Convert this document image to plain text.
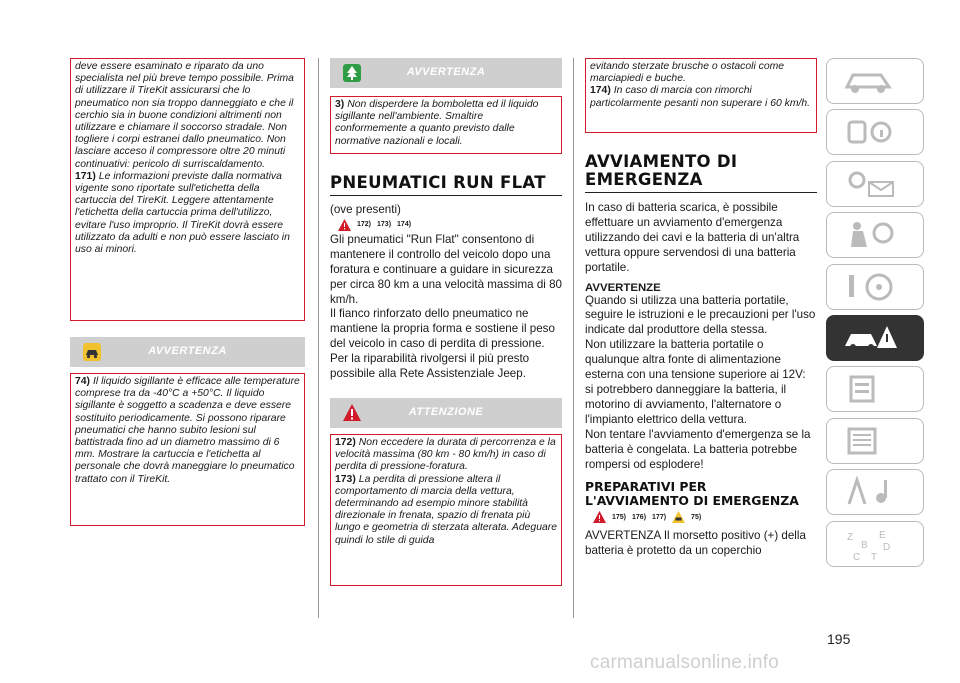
deve essere esaminato e riparato da uno specialista nel più breve tempo possibile. Prima di utilizzare il TireKit assicurarsi che lo pneumatico non sia troppo danneggiato e che il cerchio sia in buone condizioni altrimenti non utilizzare e chiamare il soccorso stradale. Non togliere i corpi estranei dallo pneumatico. Non lasciare acceso il compressore oltre 20 minuti continuativi: pericolo di surriscaldamento.

171) Le informazioni previste dalla normativa vigente sono riportate sull'etichetta della cartuccia del TireKit. Leggere attentamente l'etichetta della cartuccia prima dell'utilizzo, evitare l'uso improprio. Il TireKit dovrà essere utilizzato da adulti e non può essere lasciato in uso ai minori.

AVVERTENZA

74) Il liquido sigillante è efficace alle temperature comprese tra da -40°C a +50°C. Il liquido sigillante è soggetto a scadenza e deve essere sostituito periodicamente. Si possono riparare pneumatici che hanno subito lesioni sul battistrada fino ad un diametro massimo di 6 mm. Mostrare la cartuccia e l'etichetta al personale che dovrà maneggiare lo pneumatico trattato con il TireKit.

AVVERTENZA

3) Non disperdere la bomboletta ed il liquido sigillante nell'ambiente. Smaltire conformemente a quanto previsto dalle normative nazionali e locali.

PNEUMATICI RUN FLAT

(ove presenti)

172) 173) 174)

Gli pneumatici "Run Flat" consentono di mantenere il controllo del veicolo dopo una foratura e continuare a guidare in sicurezza per circa 80 km a una velocità massima di 80 km/h.

Il fianco rinforzato dello pneumatico ne mantiene la propria forma e sostiene il peso del veicolo in caso di perdita di pressione.

Per la riparabilità rivolgersi il più presto possibile alla Rete Assistenziale Jeep.

ATTENZIONE

172) Non eccedere la durata di percorrenza e la velocità massima (80 km - 80 km/h) in caso di perdita di pressione-foratura.

173) La perdita di pressione altera il comportamento di marcia della vettura, determinando ad esempio minore stabilità direzionale in frenata, spazio di frenata più lungo e geometria di sterzata alterata. Adeguare quindi lo stile di guida

evitando sterzate brusche o ostacoli come marciapiedi e buche.

174) In caso di marcia con rimorchi particolarmente pesanti non superare i 60 km/h.

AVVIAMENTO DI EMERGENZA

In caso di batteria scarica, è possibile effettuare un avviamento d'emergenza utilizzando dei cavi e la batteria di un'altra vettura oppure servendosi di una batteria portatile.

AVVERTENZE

Quando si utilizza una batteria portatile, seguire le istruzioni e le precauzioni per l'uso indicate dal produttore della stessa.

Non utilizzare la batteria portatile o qualunque altra fonte di alimentazione esterna con una tensione superiore ai 12V: si potrebbero danneggiare la batteria, il motorino di avviamento, l'alternatore o l'impianto elettrico della vettura.

Non tentare l'avviamento d'emergenza se la batteria è congelata. La batteria potrebbe rompersi od esplodere!

PREPARATIVI PER L'AVVIAMENTO DI EMERGENZA
175) 176) 177)	75)

AVVERTENZA Il morsetto positivo (+) della batteria è protetto da un coperchio

Z	E
B D
C T
195
carmanualsonline.info
